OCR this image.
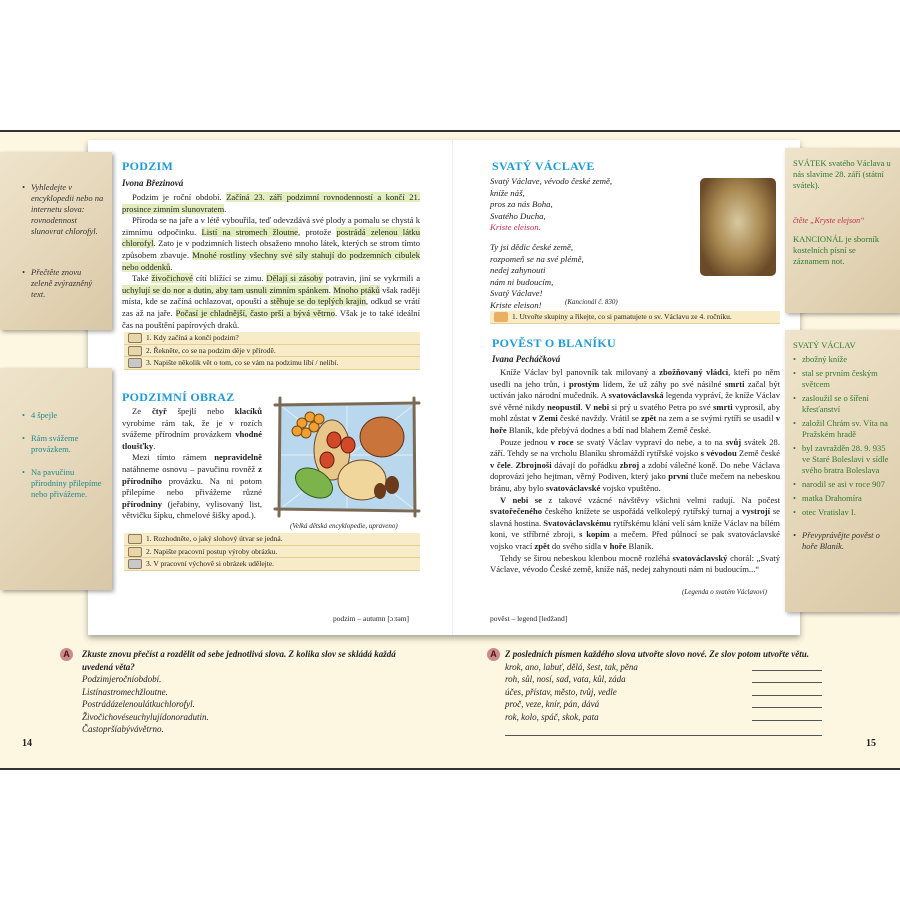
• Vyhledejte v encyklopedii nebo na internetu slova: rovnodennost slunovrat chlorofyl.
• Přečtěte znovu zeleně zvýrazněný text.
• 4 špejle
• Rám svážeme provázkem.
• Na pavučinu přírodniny přilepíme nebo přivážeme.
PODZIM
Ivona Březinová

Podzim je roční období. Začíná 23. září podzimní rovnodenností a končí 21. prosince zimním slunovratem.

Příroda se na jaře a v létě vybouřila, teď odevzdává své plody a pomalu se chystá k zimnímu odpočinku. Listí na stromech žloutne, protože postrádá zelenou látku chlorofyl. Zato je v podzimních listech obsaženo mnoho látek, kterých se strom tímto způsobem zbavuje. Mnohé rostliny všechny své síly stahují do podzemních cibulek nebo oddenků.

Také živočichové cítí blížící se zimu. Dělají si zásoby potravin, jiní se vykrmili a uchylují se do nor a dutin, aby tam usnuli zimním spánkem. Mnoho ptáků však raději místa, kde se začíná ochlazovat, opouští a stěhuje se do teplých krajin, odkud se vrátí zas až na jaře. Počasí je chladnější, často prší a bývá větrno. Však je to také ideální čas na pouštění papírových draků.

1. Kdy začíná a končí podzim?
2. Řekněte, co se na podzim děje v přírodě.
3. Napište několik vět o tom, co se vám na podzimu líbí / nelíbí.
PODZIMNÍ OBRAZ

Ze čtyř špejlí nebo klacíků vyrobíme rám tak, že je v rozích svážeme přírodním provázkem vhodné tloušťky.

Mezi tímto rámem nepravidelně natáhneme osnovu – pavučinu rovněž z přírodního provázku. Na ni potom přilepíme nebo přivážeme různé přírodniny (jeřabiny, vylisovaný list, větvičku šípku, chmelové šišky apod.).

(Velká dětská encyklopedie, upraveno)
1. Rozhodněte, o jaký slohový útvar se jedná.
2. Napište pracovní postup výroby obrázku.
3. V pracovní výchově si obrázek udělejte.
podzim – autumn [ɔːtəm]
SVATÝ VÁCLAVE
Svatý Václave, vévodo české země,
kníže náš,
pros za nás Boha,
Svatého Ducha,
Kriste eleison.
Ty jsi dědic české země,
rozpomeň se na své plémě,
nedej zahynouti
nám ni budoucím,
Svatý Václave!
Kriste eleison!	(Kancionál č. 830)
1. Utvořte skupiny a řikejte, co si pamatujete o sv. Václavu ze 4. ročníku.
POVĚST O BLANÍKU
Ivana Pecháčková

Kníže Václav byl panovník tak milovaný a zbožňovaný vládci, kteří po něm usedli na jeho trůn, i prostým lidem, že už záhy po své násilné smrti začal být uctíván jako národní mučedník. A svatováclavská legenda vypráví, že kníže Václav své věrné nikdy neopustil. V nebi si prý u svatého Petra po své smrti vyprosil, aby mohl zůstat v Zemi české navždy. Vrátil se zpět na zem a se svými rytíři se usadil v hoře Blaník, kde přebývá dodnes a bdí nad blahem Země české.

Pouze jednou v roce se svatý Václav vypraví do nebe, a to na svůj svátek 28. září. Tehdy se na vrcholu Blaníku shromáždí rytířské vojsko s vévodou Země české v čele. Zbrojnoši dávají do pořádku zbroj a zdobí válečné koně. Do nebe Václava doprovází jeho hejtman, věrný Podiven, který jako první tluče mečem na nebeskou bránu, aby bylo svatováclavské vojsko vpuštěno.

V nebi se z takové vzácné návštěvy všichni velmi radují. Na počest svatořečeného českého knížete se uspořádá velkolepý rytířský turnaj a vystrojí se slavná hostina. Svatováclavskému rytířskému klání velí sám kníže Václav na bílém koni, ve stříbrné zbroji, s kopím a mečem. Před půlnocí se pak svatováclavské vojsko vrací zpět do svého sídla v hoře Blaník.

Tehdy se širou nebeskou klenbou mocně rozléhá svatováclavský chorál: „Svatý Václave, vévodo České země, kníže náš, nedej zahynouti nám ni budoucím...“

(Legenda o svatém Václavovi)
pověst – legend [ledžənd]
SVÁTEK svatého Václava u nás slavíme 28. září (státní svátek).
čtěte „Kryste elejson“
KANCIONÁL je sborník kostelních písní se záznamem not.
SVATÝ VÁCLAV
• zbožný kníže
• stal se prvním českým světcem
• zasloužil se o šíření křesťanství
• založil Chrám sv. Víta na Pražském hradě
• byl zavražděn 28. 9. 935 ve Staré Boleslavi v sídle svého bratra Boleslava
• narodil se asi v roce 907
• matka Drahomíra
• otec Vratislav I.
• Převyprávějte pověst o hoře Blaník.
A	Zkuste znovu přečíst a rozdělit od sebe jednotlivá slova. Z kolika slov se skládá každá uvedená věta?
Podzimjeročníobdobí.
Listínastromechžloutne.
Postrádázelenoulátkuchlorofyl.
Živočichovéseuchylujídonoradutin.
Častopršíabývávětrno.
A Z posledních písmen každého slova utvořte slovo nové. Ze slov potom utvořte větu.
krok, ano, labuť, dělá, šest, tak, pěna
roh, sůl, nosí, sad, vata, kůl, záda
účes, přístav, město, tvůj, vedle
proč, veze, knír, pán, dává
rok, kolo, spáč, skok, pata
14	15
